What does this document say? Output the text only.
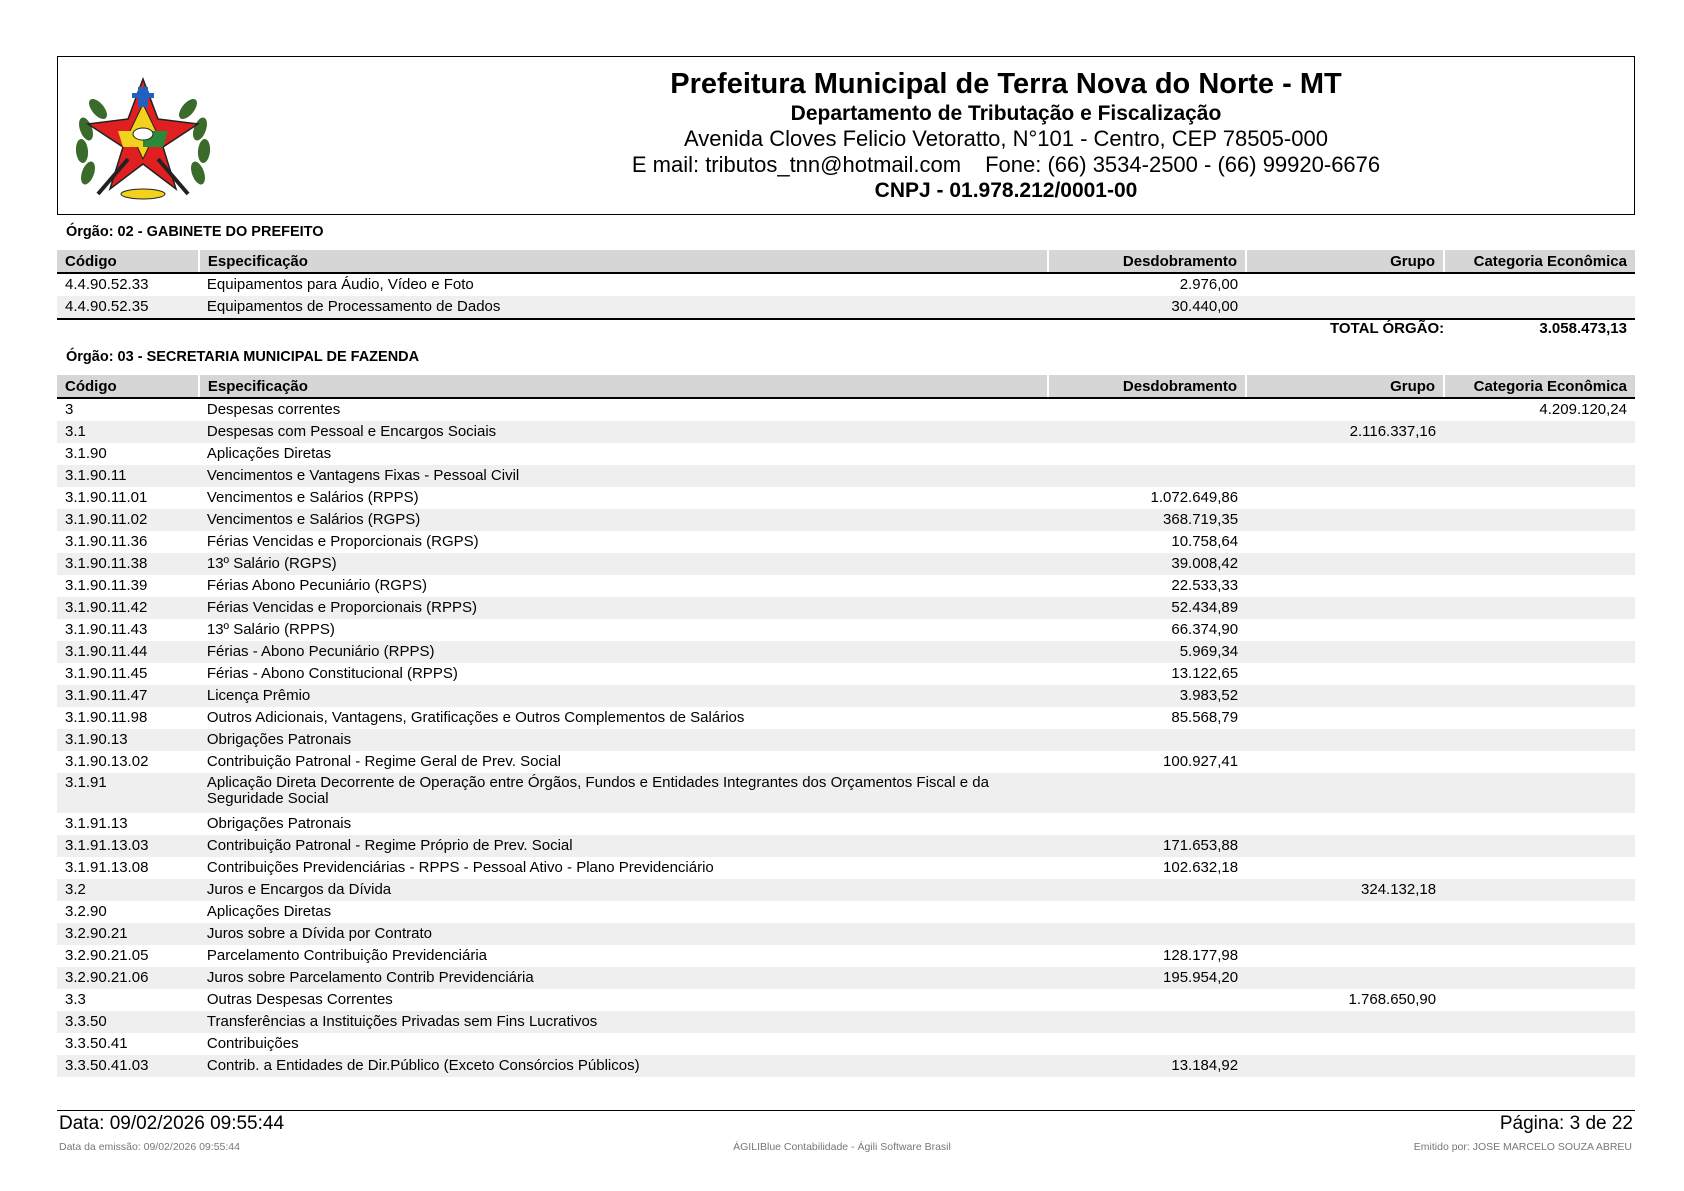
Prefeitura Municipal de Terra Nova do Norte - MT
Departamento de Tributação e Fiscalização
Avenida Cloves Felicio Vetoratto, N°101 - Centro, CEP 78505-000
E mail: tributos_tnn@hotmail.com Fone: (66) 3534-2500 - (66) 99920-6676
CNPJ - 01.978.212/0001-00
Órgão: 02 - GABINETE DO PREFEITO
Código	Especificação	Desdobramento	Grupo	Categoria Econômica
4.4.90.52.33	Equipamentos para Áudio, Vídeo e Foto	2.976,00		
4.4.90.52.35	Equipamentos de Processamento de Dados	30.440,00		
TOTAL ÓRGÃO:	3.058.473,13
Órgão: 03 - SECRETARIA MUNICIPAL DE FAZENDA
Código	Especificação	Desdobramento	Grupo	Categoria Econômica
3	Despesas correntes			4.209.120,24
3.1	Despesas com Pessoal e Encargos Sociais		2.116.337,16	
3.1.90	Aplicações Diretas			
3.1.90.11	Vencimentos e Vantagens Fixas - Pessoal Civil			
3.1.90.11.01	Vencimentos e Salários (RPPS)	1.072.649,86		
3.1.90.11.02	Vencimentos e Salários (RGPS)	368.719,35		
3.1.90.11.36	Férias Vencidas e Proporcionais (RGPS)	10.758,64		
3.1.90.11.38	13º Salário (RGPS)	39.008,42		
3.1.90.11.39	Férias Abono Pecuniário (RGPS)	22.533,33		
3.1.90.11.42	Férias Vencidas e Proporcionais (RPPS)	52.434,89		
3.1.90.11.43	13º Salário (RPPS)	66.374,90		
3.1.90.11.44	Férias - Abono Pecuniário (RPPS)	5.969,34		
3.1.90.11.45	Férias - Abono Constitucional (RPPS)	13.122,65		
3.1.90.11.47	Licença Prêmio	3.983,52		
3.1.90.11.98	Outros Adicionais, Vantagens, Gratificações e Outros Complementos de Salários	85.568,79		
3.1.90.13	Obrigações Patronais			
3.1.90.13.02	Contribuição Patronal - Regime Geral de Prev. Social	100.927,41		
3.1.91	Aplicação Direta Decorrente de Operação entre Órgãos, Fundos e Entidades Integrantes dos Orçamentos Fiscal e da Seguridade Social			
3.1.91.13	Obrigações Patronais			
3.1.91.13.03	Contribuição Patronal - Regime Próprio de Prev. Social	171.653,88		
3.1.91.13.08	Contribuições Previdenciárias - RPPS - Pessoal Ativo - Plano Previdenciário	102.632,18		
3.2	Juros e Encargos da Dívida		324.132,18	
3.2.90	Aplicações Diretas			
3.2.90.21	Juros sobre a Dívida por Contrato			
3.2.90.21.05	Parcelamento Contribuição Previdenciária	128.177,98		
3.2.90.21.06	Juros sobre Parcelamento Contrib Previdenciária	195.954,20		
3.3	Outras Despesas Correntes		1.768.650,90	
3.3.50	Transferências a Instituições Privadas sem Fins Lucrativos			
3.3.50.41	Contribuições			
3.3.50.41.03	Contrib. a Entidades de Dir.Público (Exceto Consórcios Públicos)	13.184,92		
Data: 09/02/2026 09:55:44	Página: 3 de 22
Data da emissão: 09/02/2026 09:55:44	ÁGILIBlue Contabilidade - Ágili Software Brasil	Emitido por: JOSE MARCELO SOUZA ABREU
